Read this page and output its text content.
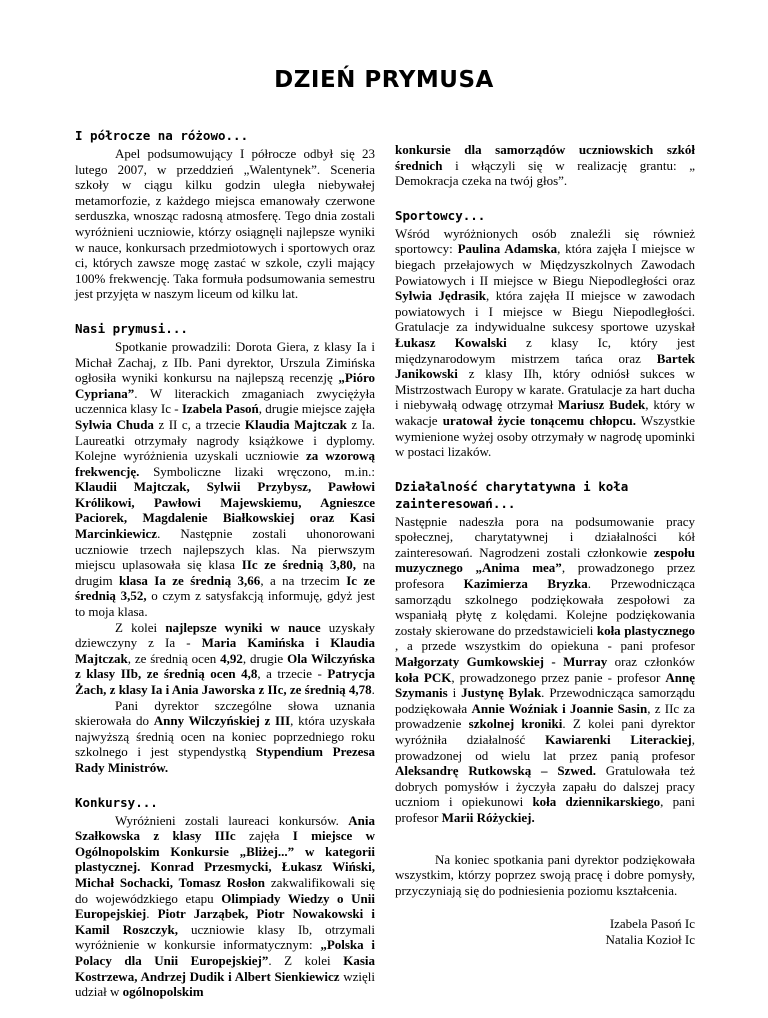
DZIEŃ PRYMUSA
I półrocze na różowo...

Apel podsumowujący I półrocze odbył się 23 lutego 2007, w przeddzień „Walentynek”. Sceneria szkoły w ciągu kilku godzin uległa niebywałej metamorfozie, z każdego miejsca emanowały czerwone serduszka, wnosząc radosną atmosferę. Tego dnia zostali wyróżnieni uczniowie, którzy osiągnęli najlepsze wyniki w nauce, konkursach przedmiotowych i sportowych oraz ci, których zawsze mogę zastać w szkole, czyli mający 100% frekwencję. Taka formuła podsumowania semestru jest przyjęta w naszym liceum od kilku lat.

Nasi prymusi...

Spotkanie prowadzili: Dorota Giera, z klasy Ia i Michał Zachaj, z IIb. Pani dyrektor, Urszula Zimińska ogłosiła wyniki konkursu na najlepszą recenzję „Pióro Cypriana”. W literackich zmaganiach zwyciężyła uczennica klasy Ic - Izabela Pasoń, drugie miejsce zajęła Sylwia Chuda z II c, a trzecie Klaudia Majtczak z Ia. Laureatki otrzymały nagrody książkowe i dyplomy. Kolejne wyróżnienia uzyskali uczniowie za wzorową frekwencję. Symboliczne lizaki wręczono, m.in.: Klaudii Majtczak, Sylwii Przybysz, Pawłowi Królikowi, Pawłowi Majewskiemu, Agnieszce Paciorek, Magdalenie Białkowskiej oraz Kasi Marcinkiewicz. Następnie zostali uhonorowani uczniowie trzech najlepszych klas. Na pierwszym miejscu uplasowała się klasa IIc ze średnią 3,80, na drugim klasa Ia ze średnią 3,66, a na trzecim Ic ze średnią 3,52, o czym z satysfakcją informuję, gdyż jest to moja klasa.

Z kolei najlepsze wyniki w nauce uzyskały dziewczyny z Ia - Maria Kamińska i Klaudia Majtczak, ze średnią ocen 4,92, drugie Ola Wilczyńska z klasy IIb, ze średnią ocen 4,8, a trzecie - Patrycja Żach, z klasy Ia i Ania Jaworska z IIc, ze średnią 4,78.

Pani dyrektor szczególne słowa uznania skierowała do Anny Wilczyńskiej z III, która uzyskała najwyższą średnią ocen na koniec poprzedniego roku szkolnego i jest stypendystką Stypendium Prezesa Rady Ministrów.

Konkursy...

Wyróżnieni zostali laureaci konkursów. Ania Szałkowska z klasy IIIc zajęła I miejsce w Ogólnopolskim Konkursie „Bliżej...” w kategorii plastycznej. Konrad Przesmycki, Łukasz Wiński, Michał Sochacki, Tomasz Rosłon zakwalifikowali się do wojewódzkiego etapu Olimpiady Wiedzy o Unii Europejskiej. Piotr Jarząbek, Piotr Nowakowski i Kamil Roszczyk, uczniowie klasy Ib, otrzymali wyróżnienie w konkursie informatycznym: „Polska i Polacy dla Unii Europejskiej”. Z kolei Kasia Kostrzewa, Andrzej Dudik i Albert Sienkiewicz wzięli udział w ogólnopolskim

konkursie dla samorządów uczniowskich szkół średnich i włączyli się w realizację grantu: „ Demokracja czeka na twój głos”.

Sportowcy...

Wśród wyróżnionych osób znaleźli się również sportowcy: Paulina Adamska, która zajęła I miejsce w biegach przełajowych w Międzyszkolnych Zawodach Powiatowych i II miejsce w Biegu Niepodległości oraz Sylwia Jędrasik, która zajęła II miejsce w zawodach powiatowych i I miejsce w Biegu Niepodległości. Gratulacje za indywidualne sukcesy sportowe uzyskał Łukasz Kowalski z klasy Ic, który jest międzynarodowym mistrzem tańca oraz Bartek Janikowski z klasy IIh, który odniósł sukces w Mistrzostwach Europy w karate. Gratulacje za hart ducha i niebywałą odwagę otrzymał Mariusz Budek, który w wakacje uratował życie tonącemu chłopcu. Wszystkie wymienione wyżej osoby otrzymały w nagrodę upominki w postaci lizaków.

Działalność charytatywna i koła zainteresowań...

Następnie nadeszła pora na podsumowanie pracy społecznej, charytatywnej i działalności kół zainteresowań. Nagrodzeni zostali członkowie zespołu muzycznego „Anima mea”, prowadzonego przez profesora Kazimierza Bryzka. Przewodnicząca samorządu szkolnego podziękowała zespołowi za wspaniałą płytę z kolędami. Kolejne podziękowania zostały skierowane do przedstawicieli koła plastycznego , a przede wszystkim do opiekuna - pani profesor Małgorzaty Gumkowskiej - Murray oraz członków koła PCK, prowadzonego przez panie - profesor Annę Szymanis i Justynę Bylak. Przewodnicząca samorządu podziękowała Annie Woźniak i Joannie Sasin, z IIc za prowadzenie szkolnej kroniki. Z kolei pani dyrektor wyróżniła działalność Kawiarenki Literackiej, prowadzonej od wielu lat przez panią profesor Aleksandrę Rutkowską – Szwed. Gratulowała też dobrych pomysłów i życzyła zapału do dalszej pracy uczniom i opiekunowi koła dziennikarskiego, pani profesor Marii Różyckiej.

Na koniec spotkania pani dyrektor podziękowała wszystkim, którzy poprzez swoją pracę i dobre pomysły, przyczyniają się do podniesienia poziomu kształcenia.

Izabela Pasoń Ic

Natalia Kozioł Ic
